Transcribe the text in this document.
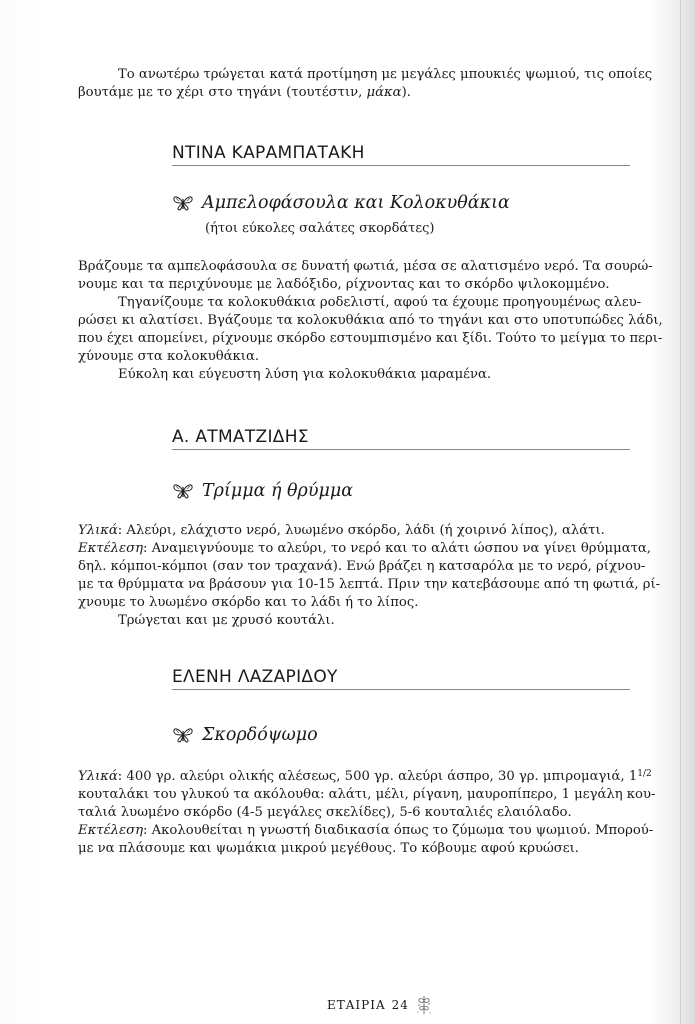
Το ανωτέρω τρώγεται κατά προτίμηση με μεγάλες μπουκιές ψωμιού, τις οποίες
βουτάμε με το χέρι στο τηγάνι (τουτέστιν, μάκα).

ΝΤΙΝΑ ΚΑΡΑΜΠΑΤΑΚΗ
Αμπελοφάσουλα και Κολοκυθάκια
(ήτοι εύκολες σαλάτες σκορδάτες)

Βράζουμε τα αμπελοφάσουλα σε δυνατή φωτιά, μέσα σε αλατισμένο νερό. Τα σουρώ-
νουμε και τα περιχύνουμε με λαδόξιδο, ρίχνοντας και το σκόρδο ψιλοκομμένο.
Τηγανίζουμε τα κολοκυθάκια ροδελιστί, αφού τα έχουμε προηγουμένως αλευ-
ρώσει κι αλατίσει. Βγάζουμε τα κολοκυθάκια από το τηγάνι και στο υποτυπώδες λάδι,
που έχει απομείνει, ρίχνουμε σκόρδο εστουμπισμένο και ξίδι. Τούτο το μείγμα το περι-
χύνουμε στα κολοκυθάκια.
Εύκολη και εύγευστη λύση για κολοκυθάκια μαραμένα.

Α. ΑΤΜΑΤΖΙΔΗΣ
Τρίμμα ή θρύμμα

Υλικά: Αλεύρι, ελάχιστο νερό, λυωμένο σκόρδο, λάδι (ή χοιρινό λίπος), αλάτι.
Εκτέλεση: Αναμειγνύουμε το αλεύρι, το νερό και το αλάτι ώσπου να γίνει θρύμματα,
δηλ. κόμποι-κόμποι (σαν τον τραχανά). Ενώ βράζει η κατσαρόλα με το νερό, ρίχνου-
με τα θρύμματα να βράσουν για 10-15 λεπτά. Πριν την κατεβάσουμε από τη φωτιά, ρί-
χνουμε το λυωμένο σκόρδο και το λάδι ή το λίπος.
Τρώγεται και με χρυσό κουτάλι.

ΕΛΕΝΗ ΛΑΖΑΡΙΔΟΥ
Σκορδόψωμο

Υλικά: 400 γρ. αλεύρι ολικής αλέσεως, 500 γρ. αλεύρι άσπρο, 30 γρ. μπιρομαγιά, $1^{1/2}$
κουταλάκι του γλυκού τα ακόλουθα: αλάτι, μέλι, ρίγανη, μαυροπίπερο, 1 μεγάλη κου-
ταλιά λυωμένο σκόρδο (4-5 μεγάλες σκελίδες), 5-6 κουταλιές ελαιόλαδο.
Εκτέλεση: Ακολουθείται η γνωστή διαδικασία όπως το ζύμωμα του ψωμιού. Μπορού-
με να πλάσουμε και ψωμάκια μικρού μεγέθους. Το κόβουμε αφού κρυώσει.

ΕΤΑΙΡΙΑ 24
